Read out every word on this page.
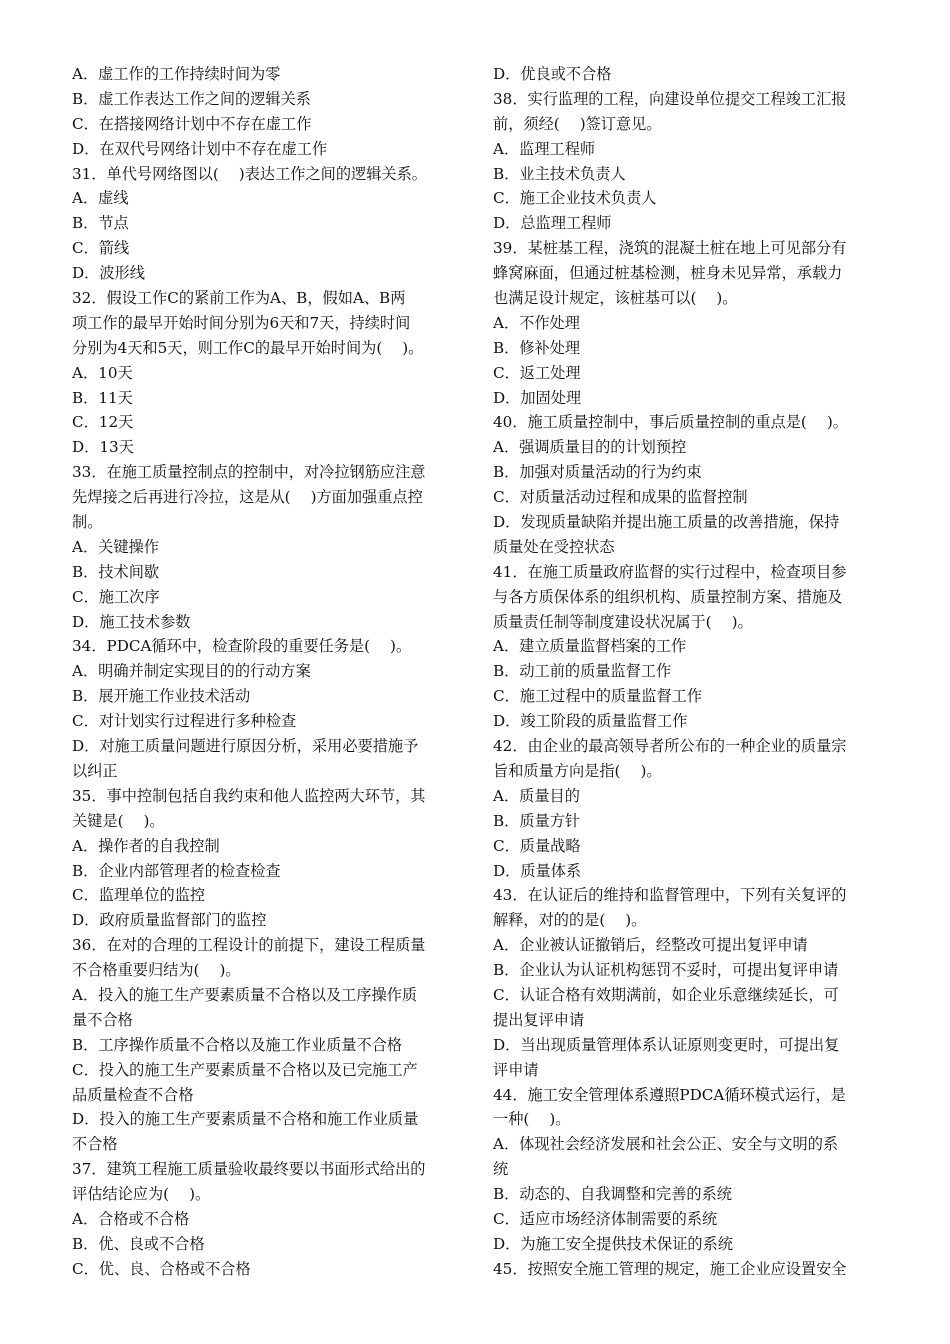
A．虚工作的工作持续时间为零
B．虚工作表达工作之间的逻辑关系
C．在搭接网络计划中不存在虚工作
D．在双代号网络计划中不存在虚工作
31．单代号网络图以(　 )表达工作之间的逻辑关系。
A．虚线
B．节点
C．箭线
D．波形线
32．假设工作C的紧前工作为A、B，假如A、B两
项工作的最早开始时间分别为6天和7天，持续时间
分别为4天和5天，则工作C的最早开始时间为(　 )。
A．10天
B．11天
C．12天
D．13天
33．在施工质量控制点的控制中，对冷拉钢筋应注意
先焊接之后再进行冷拉，这是从(　 )方面加强重点控
制。
A．关键操作
B．技术间歇
C．施工次序
D．施工技术参数
34．PDCA循环中，检查阶段的重要任务是(　 )。
A．明确并制定实现目的的行动方案
B．展开施工作业技术活动
C．对计划实行过程进行多种检查
D．对施工质量问题进行原因分析，采用必要措施予
以纠正
35．事中控制包括自我约束和他人监控两大环节，其
关键是(　 )。
A．操作者的自我控制
B．企业内部管理者的检查检查
C．监理单位的监控
D．政府质量监督部门的监控
36．在对的合理的工程设计的前提下，建设工程质量
不合格重要归结为(　 )。
A．投入的施工生产要素质量不合格以及工序操作质
量不合格
B．工序操作质量不合格以及施工作业质量不合格
C．投入的施工生产要素质量不合格以及已完施工产
品质量检查不合格
D．投入的施工生产要素质量不合格和施工作业质量
不合格
37．建筑工程施工质量验收最终要以书面形式给出的
评估结论应为(　 )。
A．合格或不合格
B．优、良或不合格
C．优、良、合格或不合格
D．优良或不合格
38．实行监理的工程，向建设单位提交工程竣工汇报
前，须经(　 )签订意见。
A．监理工程师
B．业主技术负责人
C．施工企业技术负责人
D．总监理工程师
39．某桩基工程，浇筑的混凝土桩在地上可见部分有
蜂窝麻面，但通过桩基检测，桩身未见异常，承载力
也满足设计规定，该桩基可以(　 )。
A．不作处理
B．修补处理
C．返工处理
D．加固处理
40．施工质量控制中，事后质量控制的重点是(　 )。
A．强调质量目的的计划预控
B．加强对质量活动的行为约束
C．对质量活动过程和成果的监督控制
D．发现质量缺陷并提出施工质量的改善措施，保持
质量处在受控状态
41．在施工质量政府监督的实行过程中，检查项目参
与各方质保体系的组织机构、质量控制方案、措施及
质量责任制等制度建设状况属于(　 )。
A．建立质量监督档案的工作
B．动工前的质量监督工作
C．施工过程中的质量监督工作
D．竣工阶段的质量监督工作
42．由企业的最高领导者所公布的一种企业的质量宗
旨和质量方向是指(　 )。
A．质量目的
B．质量方针
C．质量战略
D．质量体系
43．在认证后的维持和监督管理中，下列有关复评的
解释，对的的是(　 )。
A．企业被认证撤销后，经整改可提出复评申请
B．企业认为认证机构惩罚不妥时，可提出复评申请
C．认证合格有效期满前，如企业乐意继续延长，可
提出复评申请
D．当出现质量管理体系认证原则变更时，可提出复
评申请
44．施工安全管理体系遵照PDCA循环模式运行，是
一种(　 )。
A．体现社会经济发展和社会公正、安全与文明的系
统
B．动态的、自我调整和完善的系统
C．适应市场经济体制需要的系统
D．为施工安全提供技术保证的系统
45．按照安全施工管理的规定，施工企业应设置安全
